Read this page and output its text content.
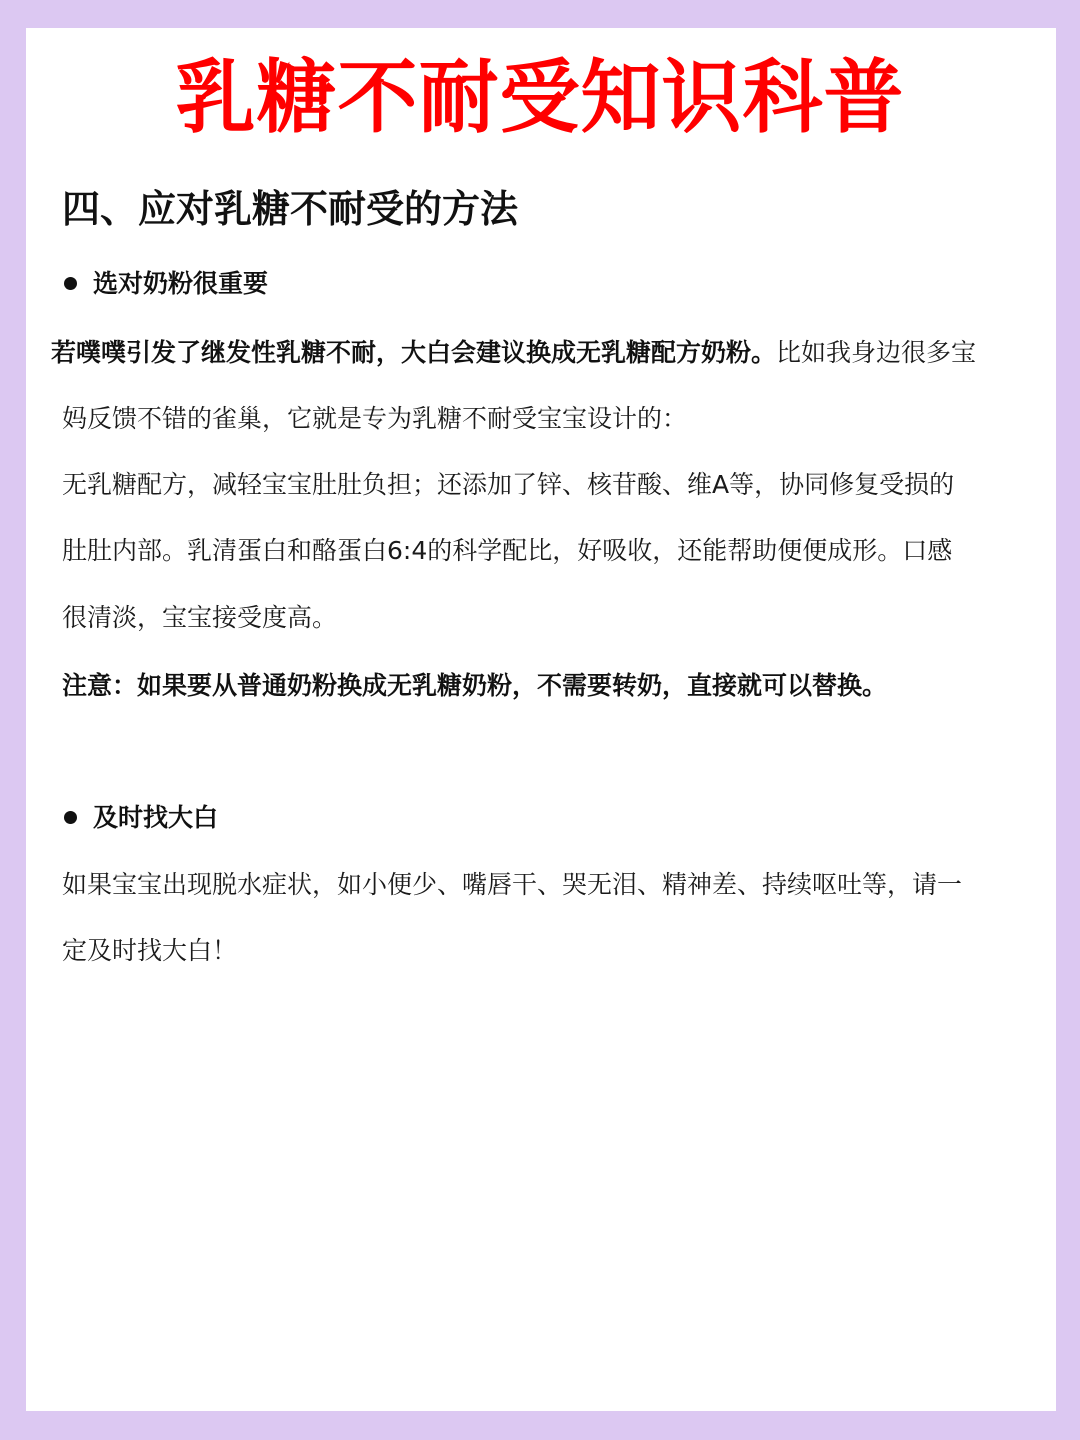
乳糖不耐受知识科普
四、应对乳糖不耐受的方法
选对奶粉很重要
若噗噗引发了继发性乳糖不耐，大白会建议换成无乳糖配方奶粉。比如我身边很多宝
妈反馈不错的雀巢，它就是专为乳糖不耐受宝宝设计的：
无乳糖配方，减轻宝宝肚肚负担；还添加了锌、核苷酸、维A等，协同修复受损的
肚肚内部。乳清蛋白和酪蛋白6:4的科学配比，好吸收，还能帮助便便成形。口感
很清淡，宝宝接受度高。
注意：如果要从普通奶粉换成无乳糖奶粉，不需要转奶，直接就可以替换。
及时找大白
如果宝宝出现脱水症状，如小便少、嘴唇干、哭无泪、精神差、持续呕吐等，请一
定及时找大白！
